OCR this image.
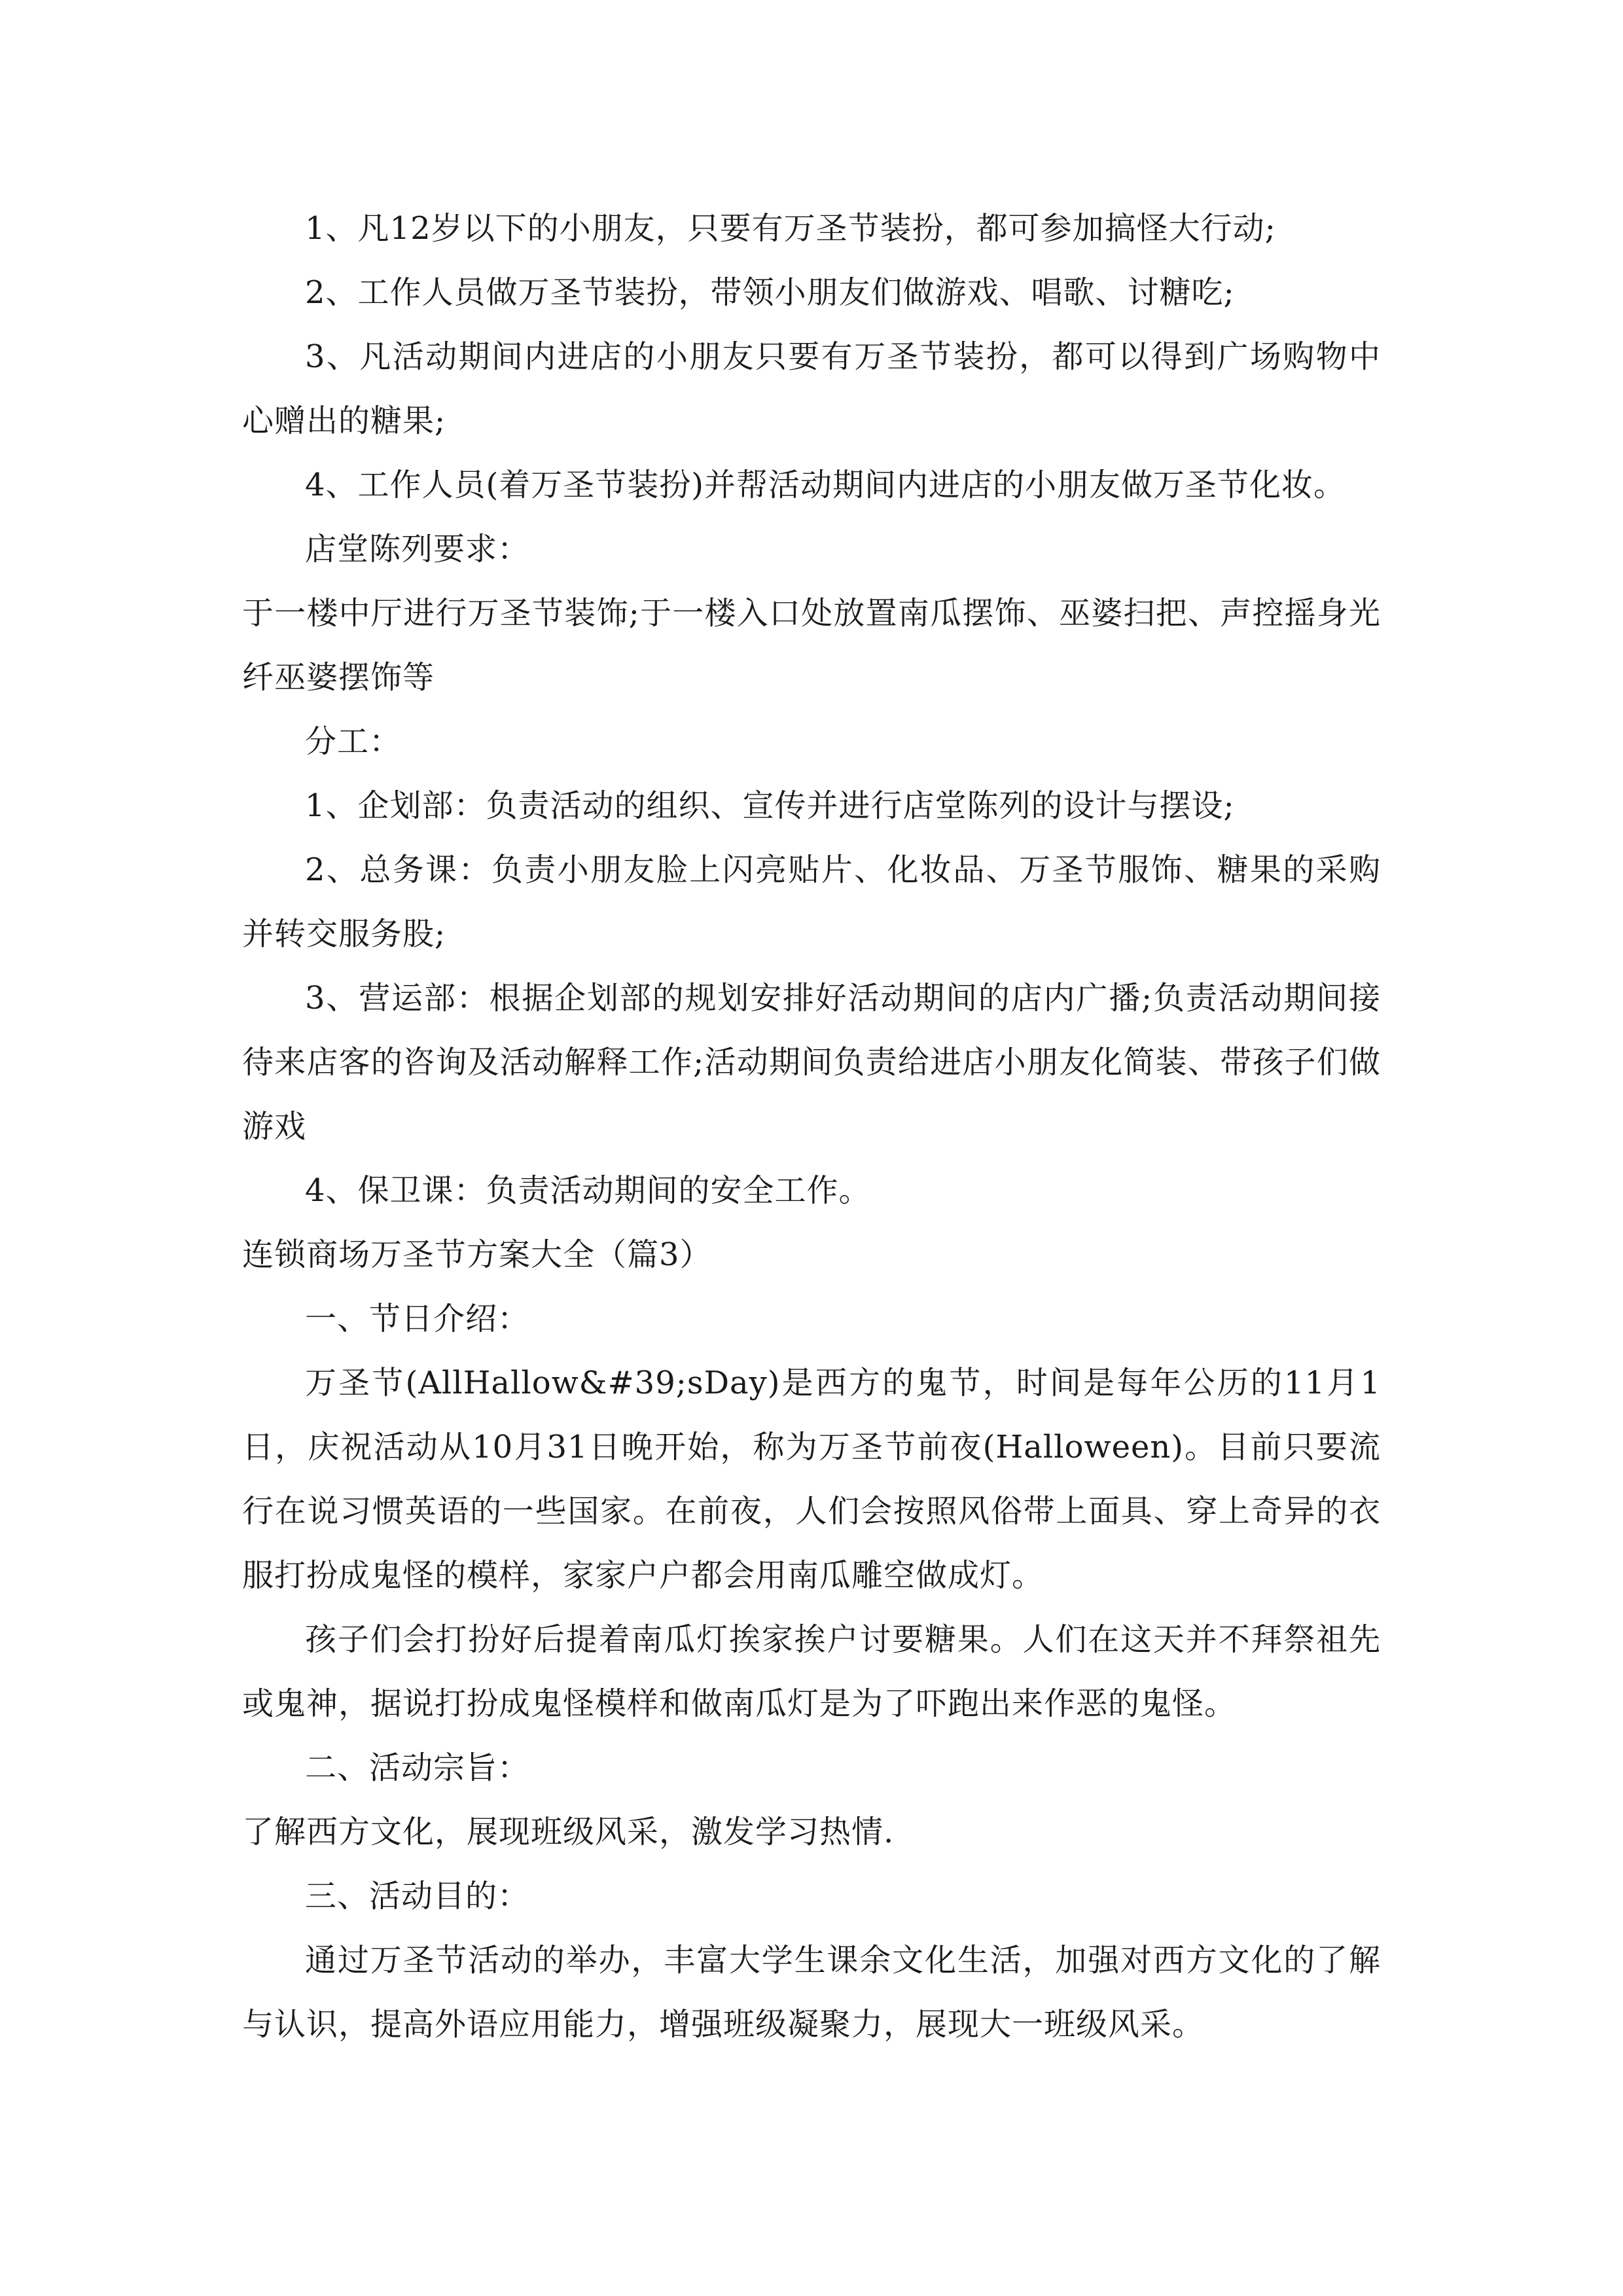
1、凡12岁以下的小朋友，只要有万圣节装扮，都可参加搞怪大行动;

2、工作人员做万圣节装扮，带领小朋友们做游戏、唱歌、讨糖吃;

3、凡活动期间内进店的小朋友只要有万圣节装扮，都可以得到广场购物中心赠出的糖果;

4、工作人员(着万圣节装扮)并帮活动期间内进店的小朋友做万圣节化妆。

店堂陈列要求：

于一楼中厅进行万圣节装饰;于一楼入口处放置南瓜摆饰、巫婆扫把、声控摇身光纤巫婆摆饰等

分工：

1、企划部：负责活动的组织、宣传并进行店堂陈列的设计与摆设;

2、总务课：负责小朋友脸上闪亮贴片、化妆品、万圣节服饰、糖果的采购并转交服务股;

3、营运部：根据企划部的规划安排好活动期间的店内广播;负责活动期间接待来店客的咨询及活动解释工作;活动期间负责给进店小朋友化简装、带孩子们做游戏

4、保卫课：负责活动期间的安全工作。

连锁商场万圣节方案大全（篇3）

一、节日介绍：

万圣节(AllHallow&#39;sDay)是西方的鬼节，时间是每年公历的11月1日，庆祝活动从10月31日晚开始，称为万圣节前夜(Halloween)。目前只要流行在说习惯英语的一些国家。在前夜，人们会按照风俗带上面具、穿上奇异的衣服打扮成鬼怪的模样，家家户户都会用南瓜雕空做成灯。

孩子们会打扮好后提着南瓜灯挨家挨户讨要糖果。人们在这天并不拜祭祖先或鬼神，据说打扮成鬼怪模样和做南瓜灯是为了吓跑出来作恶的鬼怪。

二、活动宗旨：

了解西方文化，展现班级风采，激发学习热情.

三、活动目的：

通过万圣节活动的举办，丰富大学生课余文化生活，加强对西方文化的了解与认识，提高外语应用能力，增强班级凝聚力，展现大一班级风采。
